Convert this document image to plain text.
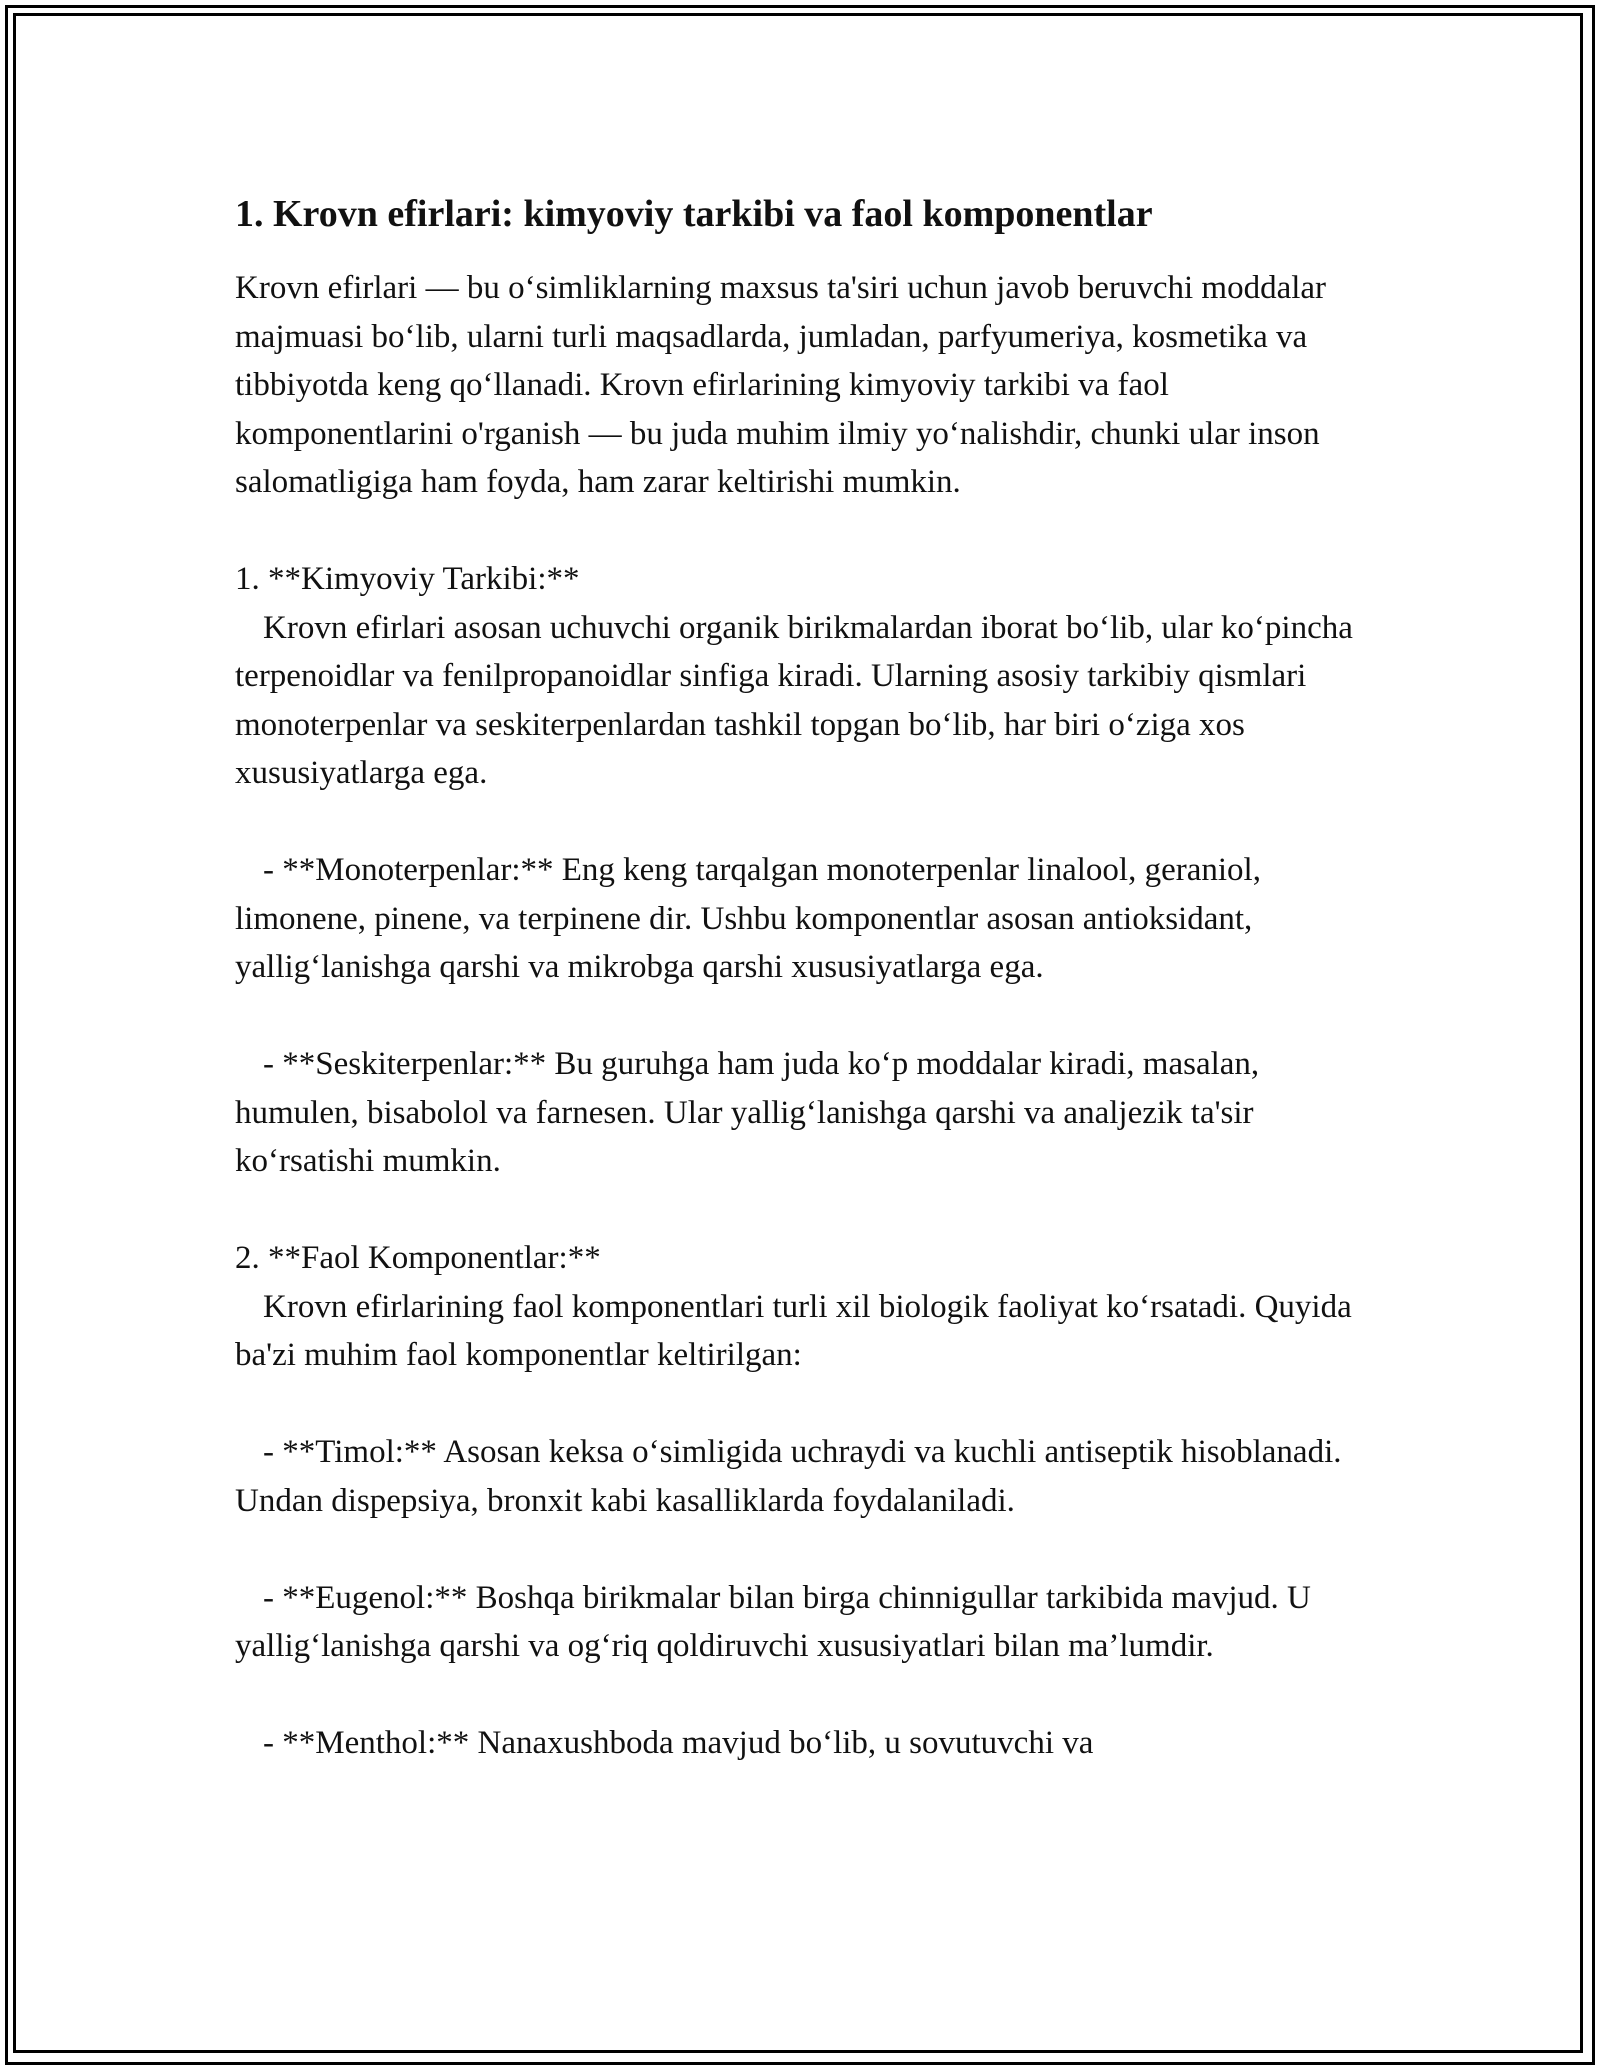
1. Krovn efirlari: kimyoviy tarkibi va faol komponentlar

Krovn efirlari — bu o‘simliklarning maxsus ta'siri uchun javob beruvchi moddalar majmuasi bo‘lib, ularni turli maqsadlarda, jumladan, parfyumeriya, kosmetika va tibbiyotda keng qo‘llanadi. Krovn efirlarining kimyoviy tarkibi va faol komponentlarini o'rganish — bu juda muhim ilmiy yo‘nalishdir, chunki ular inson salomatligiga ham foyda, ham zarar keltirishi mumkin.

1. **Kimyoviy Tarkibi:**

Krovn efirlari asosan uchuvchi organik birikmalardan iborat bo‘lib, ular ko‘pincha terpenoidlar va fenilpropanoidlar sinfiga kiradi. Ularning asosiy tarkibiy qismlari monoterpenlar va seskiterpenlardan tashkil topgan bo‘lib, har biri o‘ziga xos xususiyatlarga ega.

- **Monoterpenlar:** Eng keng tarqalgan monoterpenlar linalool, geraniol, limonene, pinene, va terpinene dir. Ushbu komponentlar asosan antioksidant, yallig‘lanishga qarshi va mikrobga qarshi xususiyatlarga ega.

- **Seskiterpenlar:** Bu guruhga ham juda ko‘p moddalar kiradi, masalan, humulen, bisabolol va farnesen. Ular yallig‘lanishga qarshi va analjezik ta'sir ko‘rsatishi mumkin.

2. **Faol Komponentlar:**

Krovn efirlarining faol komponentlari turli xil biologik faoliyat ko‘rsatadi. Quyida ba'zi muhim faol komponentlar keltirilgan:

- **Timol:** Asosan keksa o‘simligida uchraydi va kuchli antiseptik hisoblanadi. Undan dispepsiya, bronxit kabi kasalliklarda foydalaniladi.

- **Eugenol:** Boshqa birikmalar bilan birga chinnigullar tarkibida mavjud. U yallig‘lanishga qarshi va og‘riq qoldiruvchi xususiyatlari bilan ma’lumdir.

- **Menthol:** Nanaxushboda mavjud bo‘lib, u sovutuvchi va
